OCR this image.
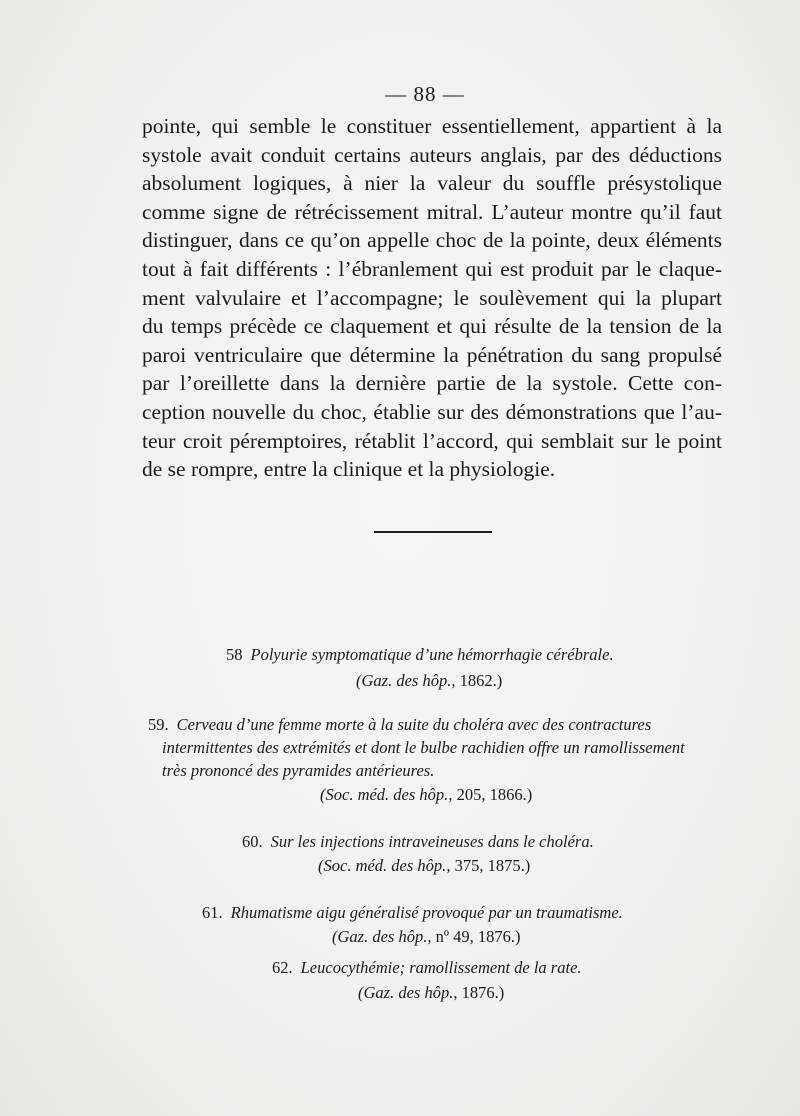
— 88 —
pointe, qui semble le constituer essentiellement, appartient à la
systole avait conduit certains auteurs anglais, par des déductions
absolument logiques, à nier la valeur du souffle présystolique
comme signe de rétrécissement mitral. L’auteur montre qu’il faut
distinguer, dans ce qu’on appelle choc de la pointe, deux éléments
tout à fait différents : l’ébranlement qui est produit par le claque-
ment valvulaire et l’accompagne; le soulèvement qui la plupart
du temps précède ce claquement et qui résulte de la tension de la
paroi ventriculaire que détermine la pénétration du sang propulsé
par l’oreillette dans la dernière partie de la systole. Cette con-
ception nouvelle du choc, établie sur des démonstrations que l’au-
teur croit péremptoires, rétablit l’accord, qui semblait sur le point
de se rompre, entre la clinique et la physiologie.
58 Polyurie symptomatique d’une hémorrhagie cérébrale.
(Gaz. des hôp., 1862.)
59. Cerveau d’une femme morte à la suite du choléra avec des contractures
intermittentes des extrémités et dont le bulbe rachidien offre un ramollissement
très prononcé des pyramides antérieures.
(Soc. méd. des hôp., 205, 1866.)
60. Sur les injections intraveineuses dans le choléra.
(Soc. méd. des hôp., 375, 1875.)
61. Rhumatisme aigu généralisé provoqué par un traumatisme.
(Gaz. des hôp., nº 49, 1876.)
62. Leucocythémie; ramollissement de la rate.
(Gaz. des hôp., 1876.)
